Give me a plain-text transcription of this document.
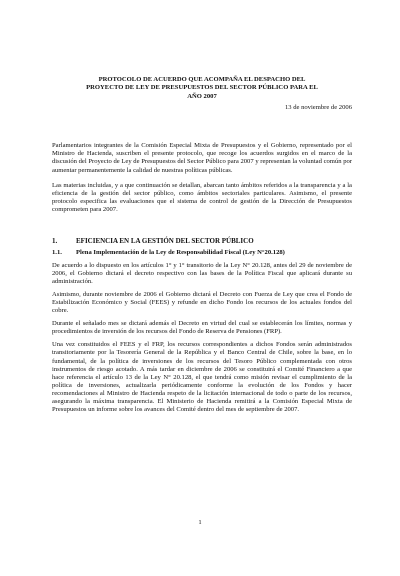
PROTOCOLO DE ACUERDO QUE ACOMPAÑA EL DESPACHO DEL
PROYECTO DE LEY DE PRESUPUESTOS DEL SECTOR PÚBLICO PARA EL
AÑO 2007
13 de noviembre de 2006

Parlamentarios integrantes de la Comisión Especial Mixta de Presupuestos y el Gobierno, representado por el Ministro de Hacienda, suscriben el presente protocolo, que recoge los acuerdos surgidos en el marco de la discusión del Proyecto de Ley de Presupuestos del Sector Público para 2007 y representan la voluntad común por aumentar permanentemente la calidad de nuestras políticas públicas.

Las materias incluidas, y a que continuación se detallan, abarcan tanto ámbitos referidos a la transparencia y a la eficiencia de la gestión del sector público, como ámbitos sectoriales particulares. Asimismo, el presente protocolo especifica las evaluaciones que el sistema de control de gestión de la Dirección de Presupuestos comprometen para 2007.

1.	EFICIENCIA EN LA GESTIÓN DEL SECTOR PÚBLICO
1.1.	Plena Implementación de la Ley de Responsabilidad Fiscal (Ley N°20.128)

De acuerdo a lo dispuesto en los artículos 1° y 1° transitorio de la Ley N° 20.128, antes del 29 de noviembre de 2006, el Gobierno dictará el decreto respectivo con las bases de la Política Fiscal que aplicará durante su administración.

Asimismo, durante noviembre de 2006 el Gobierno dictará el Decreto con Fuerza de Ley que crea el Fondo de Estabilización Económico y Social (FEES) y refunde en dicho Fondo los recursos de los actuales fondos del cobre.

Durante el señalado mes se dictará además el Decreto en virtud del cual se establecerán los límites, normas y procedimientos de inversión de los recursos del Fondo de Reserva de Pensiones (FRP).

Una vez constituidos el FEES y el FRP, los recursos correspondientes a dichos Fondos serán administrados transitoriamente por la Tesorería General de la República y el Banco Central de Chile, sobre la base, en lo fundamental, de la política de inversiones de los recursos del Tesoro Público complementada con otros instrumentos de riesgo acotado. A más tardar en diciembre de 2006 se constituirá el Comité Financiero a que hace referencia el artículo 13 de la Ley N° 20.128, el que tendrá como misión revisar el cumplimiento de la política de inversiones, actualizarla periódicamente conforme la evolución de los Fondos y hacer recomendaciones al Ministro de Hacienda respeto de la licitación internacional de todo o parte de los recursos, asegurando la máxima transparencia. El Ministerio de Hacienda remitirá a la Comisión Especial Mixta de Presupuestos un informe sobre los avances del Comité dentro del mes de septiembre de 2007.

1
